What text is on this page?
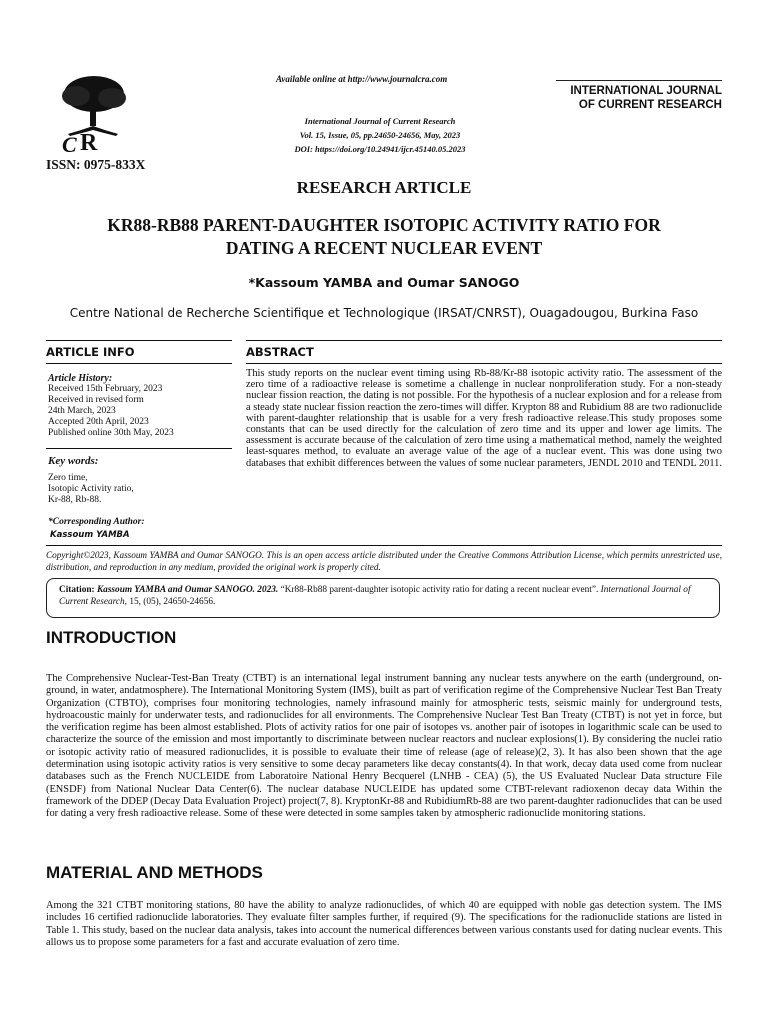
C R
ISSN: 0975-833X
Available online at http://www.journalcra.com
International Journal of Current Research
Vol. 15, Issue, 05, pp.24650-24656, May, 2023
DOI: https://doi.org/10.24941/ijcr.45140.05.2023
INTERNATIONAL JOURNAL
OF CURRENT RESEARCH
RESEARCH ARTICLE
KR88-RB88 PARENT-DAUGHTER ISOTOPIC ACTIVITY RATIO FOR
DATING A RECENT NUCLEAR EVENT
*Kassoum YAMBA and Oumar SANOGO
Centre National de Recherche Scientifique et Technologique (IRSAT/CNRST), Ouagadougou, Burkina Faso
ARTICLE INFO	ABSTRACT
Article History:
Received 15th February, 2023
Received in revised form
24th March, 2023
Accepted 20th April, 2023
Published online 30th May, 2023
Key words:
Zero time,
Isotopic Activity ratio,
Kr-88, Rb-88.
*Corresponding Author:
Kassoum YAMBA
This study reports on the nuclear event timing using Rb-88/Kr-88 isotopic activity ratio. The assessment of the zero time of a radioactive release is sometime a challenge in nuclear nonproliferation study. For a non-steady nuclear fission reaction, the dating is not possible. For the hypothesis of a nuclear explosion and for a release from a steady state nuclear fission reaction the zero-times will differ. Krypton 88 and Rubidium 88 are two radionuclide with parent-daughter relationship that is usable for a very fresh radioactive release.This study proposes some constants that can be used directly for the calculation of zero time and its upper and lower age limits. The assessment is accurate because of the calculation of zero time using a mathematical method, namely the weighted least-squares method, to evaluate an average value of the age of a nuclear event. This was done using two databases that exhibit differences between the values of some nuclear parameters, JENDL 2010 and TENDL 2011.
Copyright©2023, Kassoum YAMBA and Oumar SANOGO. This is an open access article distributed under the Creative Commons Attribution License, which permits unrestricted use, distribution, and reproduction in any medium, provided the original work is properly cited.
Citation: Kassoum YAMBA and Oumar SANOGO. 2023. “Kr88-Rb88 parent-daughter isotopic activity ratio for dating a recent nuclear event”. International Journal of Current Research, 15, (05), 24650-24656.
INTRODUCTION
The Comprehensive Nuclear-Test-Ban Treaty (CTBT) is an international legal instrument banning any nuclear tests anywhere on the earth (underground, on-ground, in water, andatmosphere). The International Monitoring System (IMS), built as part of verification regime of the Comprehensive Nuclear Test Ban Treaty Organization (CTBTO), comprises four monitoring technologies, namely infrasound mainly for atmospheric tests, seismic mainly for underground tests, hydroacoustic mainly for underwater tests, and radionuclides for all environments. The Comprehensive Nuclear Test Ban Treaty (CTBT) is not yet in force, but the verification regime has been almost established. Plots of activity ratios for one pair of isotopes vs. another pair of isotopes in logarithmic scale can be used to characterize the source of the emission and most importantly to discriminate between nuclear reactors and nuclear explosions(1). By considering the nuclei ratio or isotopic activity ratio of measured radionuclides, it is possible to evaluate their time of release (age of release)(2, 3). It has also been shown that the age determination using isotopic activity ratios is very sensitive to some decay parameters like decay constants(4). In that work, decay data used come from nuclear databases such as the French NUCLEIDE from Laboratoire National Henry Becquerel (LNHB - CEA) (5), the US Evaluated Nuclear Data structure File (ENSDF) from National Nuclear Data Center(6). The nuclear database NUCLEIDE has updated some CTBT-relevant radioxenon decay data Within the framework of the DDEP (Decay Data Evaluation Project) project(7, 8). KryptonKr-88 and RubidiumRb-88 are two parent-daughter radionuclides that can be used for dating a very fresh radioactive release. Some of these were detected in some samples taken by atmospheric radionuclide monitoring stations.
MATERIAL AND METHODS
Among the 321 CTBT monitoring stations, 80 have the ability to analyze radionuclides, of which 40 are equipped with noble gas detection system. The IMS includes 16 certified radionuclide laboratories. They evaluate filter samples further, if required (9). The specifications for the radionuclide stations are listed in Table 1. This study, based on the nuclear data analysis, takes into account the numerical differences between various constants used for dating nuclear events. This allows us to propose some parameters for a fast and accurate evaluation of zero time.
